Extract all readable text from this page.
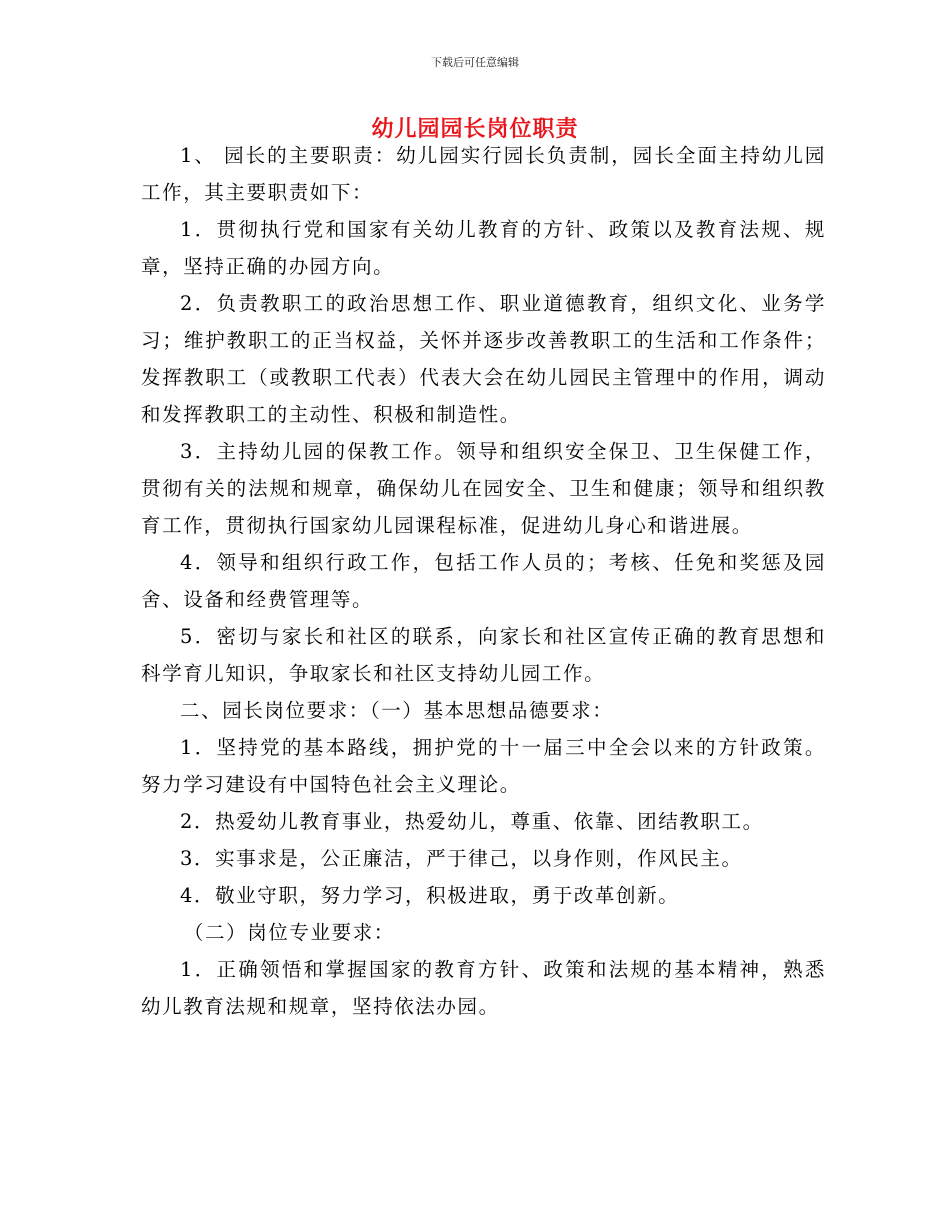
下载后可任意编辑
幼儿园园长岗位职责

1、 园长的主要职责：幼儿园实行园长负责制，园长全面主持幼儿园工作，其主要职责如下：

1．贯彻执行党和国家有关幼儿教育的方针、政策以及教育法规、规章，坚持正确的办园方向。

2．负责教职工的政治思想工作、职业道德教育，组织文化、业务学习；维护教职工的正当权益，关怀并逐步改善教职工的生活和工作条件；发挥教职工（或教职工代表）代表大会在幼儿园民主管理中的作用，调动和发挥教职工的主动性、积极和制造性。

3．主持幼儿园的保教工作。领导和组织安全保卫、卫生保健工作，贯彻有关的法规和规章，确保幼儿在园安全、卫生和健康；领导和组织教育工作，贯彻执行国家幼儿园课程标准，促进幼儿身心和谐进展。

4．领导和组织行政工作，包括工作人员的；考核、任免和奖惩及园舍、设备和经费管理等。

5．密切与家长和社区的联系，向家长和社区宣传正确的教育思想和科学育儿知识，争取家长和社区支持幼儿园工作。

二、园长岗位要求：（一）基本思想品德要求：

1．坚持党的基本路线，拥护党的十一届三中全会以来的方针政策。努力学习建设有中国特色社会主义理论。

2．热爱幼儿教育事业，热爱幼儿，尊重、依靠、团结教职工。

3．实事求是，公正廉洁，严于律己，以身作则，作风民主。

4．敬业守职，努力学习，积极进取，勇于改革创新。

（二）岗位专业要求：

1．正确领悟和掌握国家的教育方针、政策和法规的基本精神，熟悉幼儿教育法规和规章，坚持依法办园。
